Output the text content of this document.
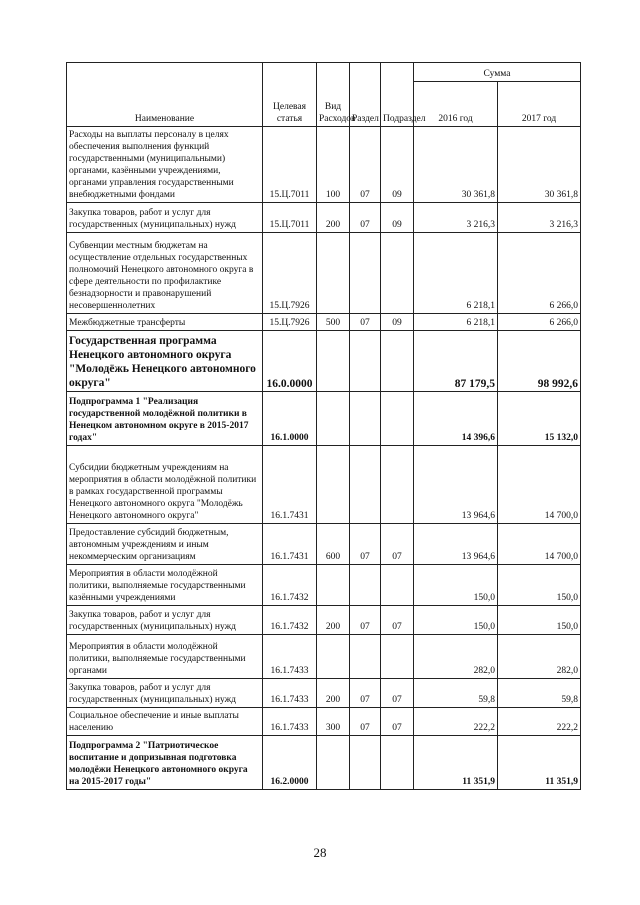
Наименование	Целевая статья	Вид Расходов	Раздел	Подраздел	Сумма	
					2016 год	2017 год
Расходы на выплаты персоналу в целях обеспечения выполнения функций государственными (муниципальными) органами, казёнными учреждениями, органами управления государственными внебюджетными фондами	15.Ц.7011	100	07	09	30 361,8	30 361,8
Закупка товаров, работ и услуг для государственных (муниципальных) нужд	15.Ц.7011	200	07	09	3 216,3	3 216,3
Субвенции местным бюджетам на осуществление отдельных государственных полномочий Ненецкого автономного округа в сфере деятельности по профилактике безнадзорности и правонарушений несовершеннолетних	15.Ц.7926				6 218,1	6 266,0
Межбюджетные трансферты	15.Ц.7926	500	07	09	6 218,1	6 266,0
Государственная программа Ненецкого автономного округа "Молодёжь Ненецкого автономного округа"	16.0.0000				87 179,5	98 992,6
Подпрограмма 1 "Реализация государственной молодёжной политики в Ненецком автономном округе в 2015-2017 годах"	16.1.0000				14 396,6	15 132,0
Субсидии бюджетным учреждениям на мероприятия в области молодёжной политики в рамках государственной программы Ненецкого автономного округа "Молодёжь Ненецкого автономного округа"	16.1.7431				13 964,6	14 700,0
Предоставление субсидий бюджетным, автономным учреждениям и иным некоммерческим организациям	16.1.7431	600	07	07	13 964,6	14 700,0
Мероприятия в области молодёжной политики, выполняемые государственными казёнными учреждениями	16.1.7432				150,0	150,0
Закупка товаров, работ и услуг для государственных (муниципальных) нужд	16.1.7432	200	07	07	150,0	150,0
Мероприятия в области молодёжной политики, выполняемые государственными органами	16.1.7433				282,0	282,0
Закупка товаров, работ и услуг для государственных (муниципальных) нужд	16.1.7433	200	07	07	59,8	59,8
Социальное обеспечение и иные выплаты населению	16.1.7433	300	07	07	222,2	222,2
Подпрограмма 2 "Патриотическое воспитание и допризывная подготовка молодёжи Ненецкого автономного округа на 2015-2017 годы"	16.2.0000				11 351,9	11 351,9
28
